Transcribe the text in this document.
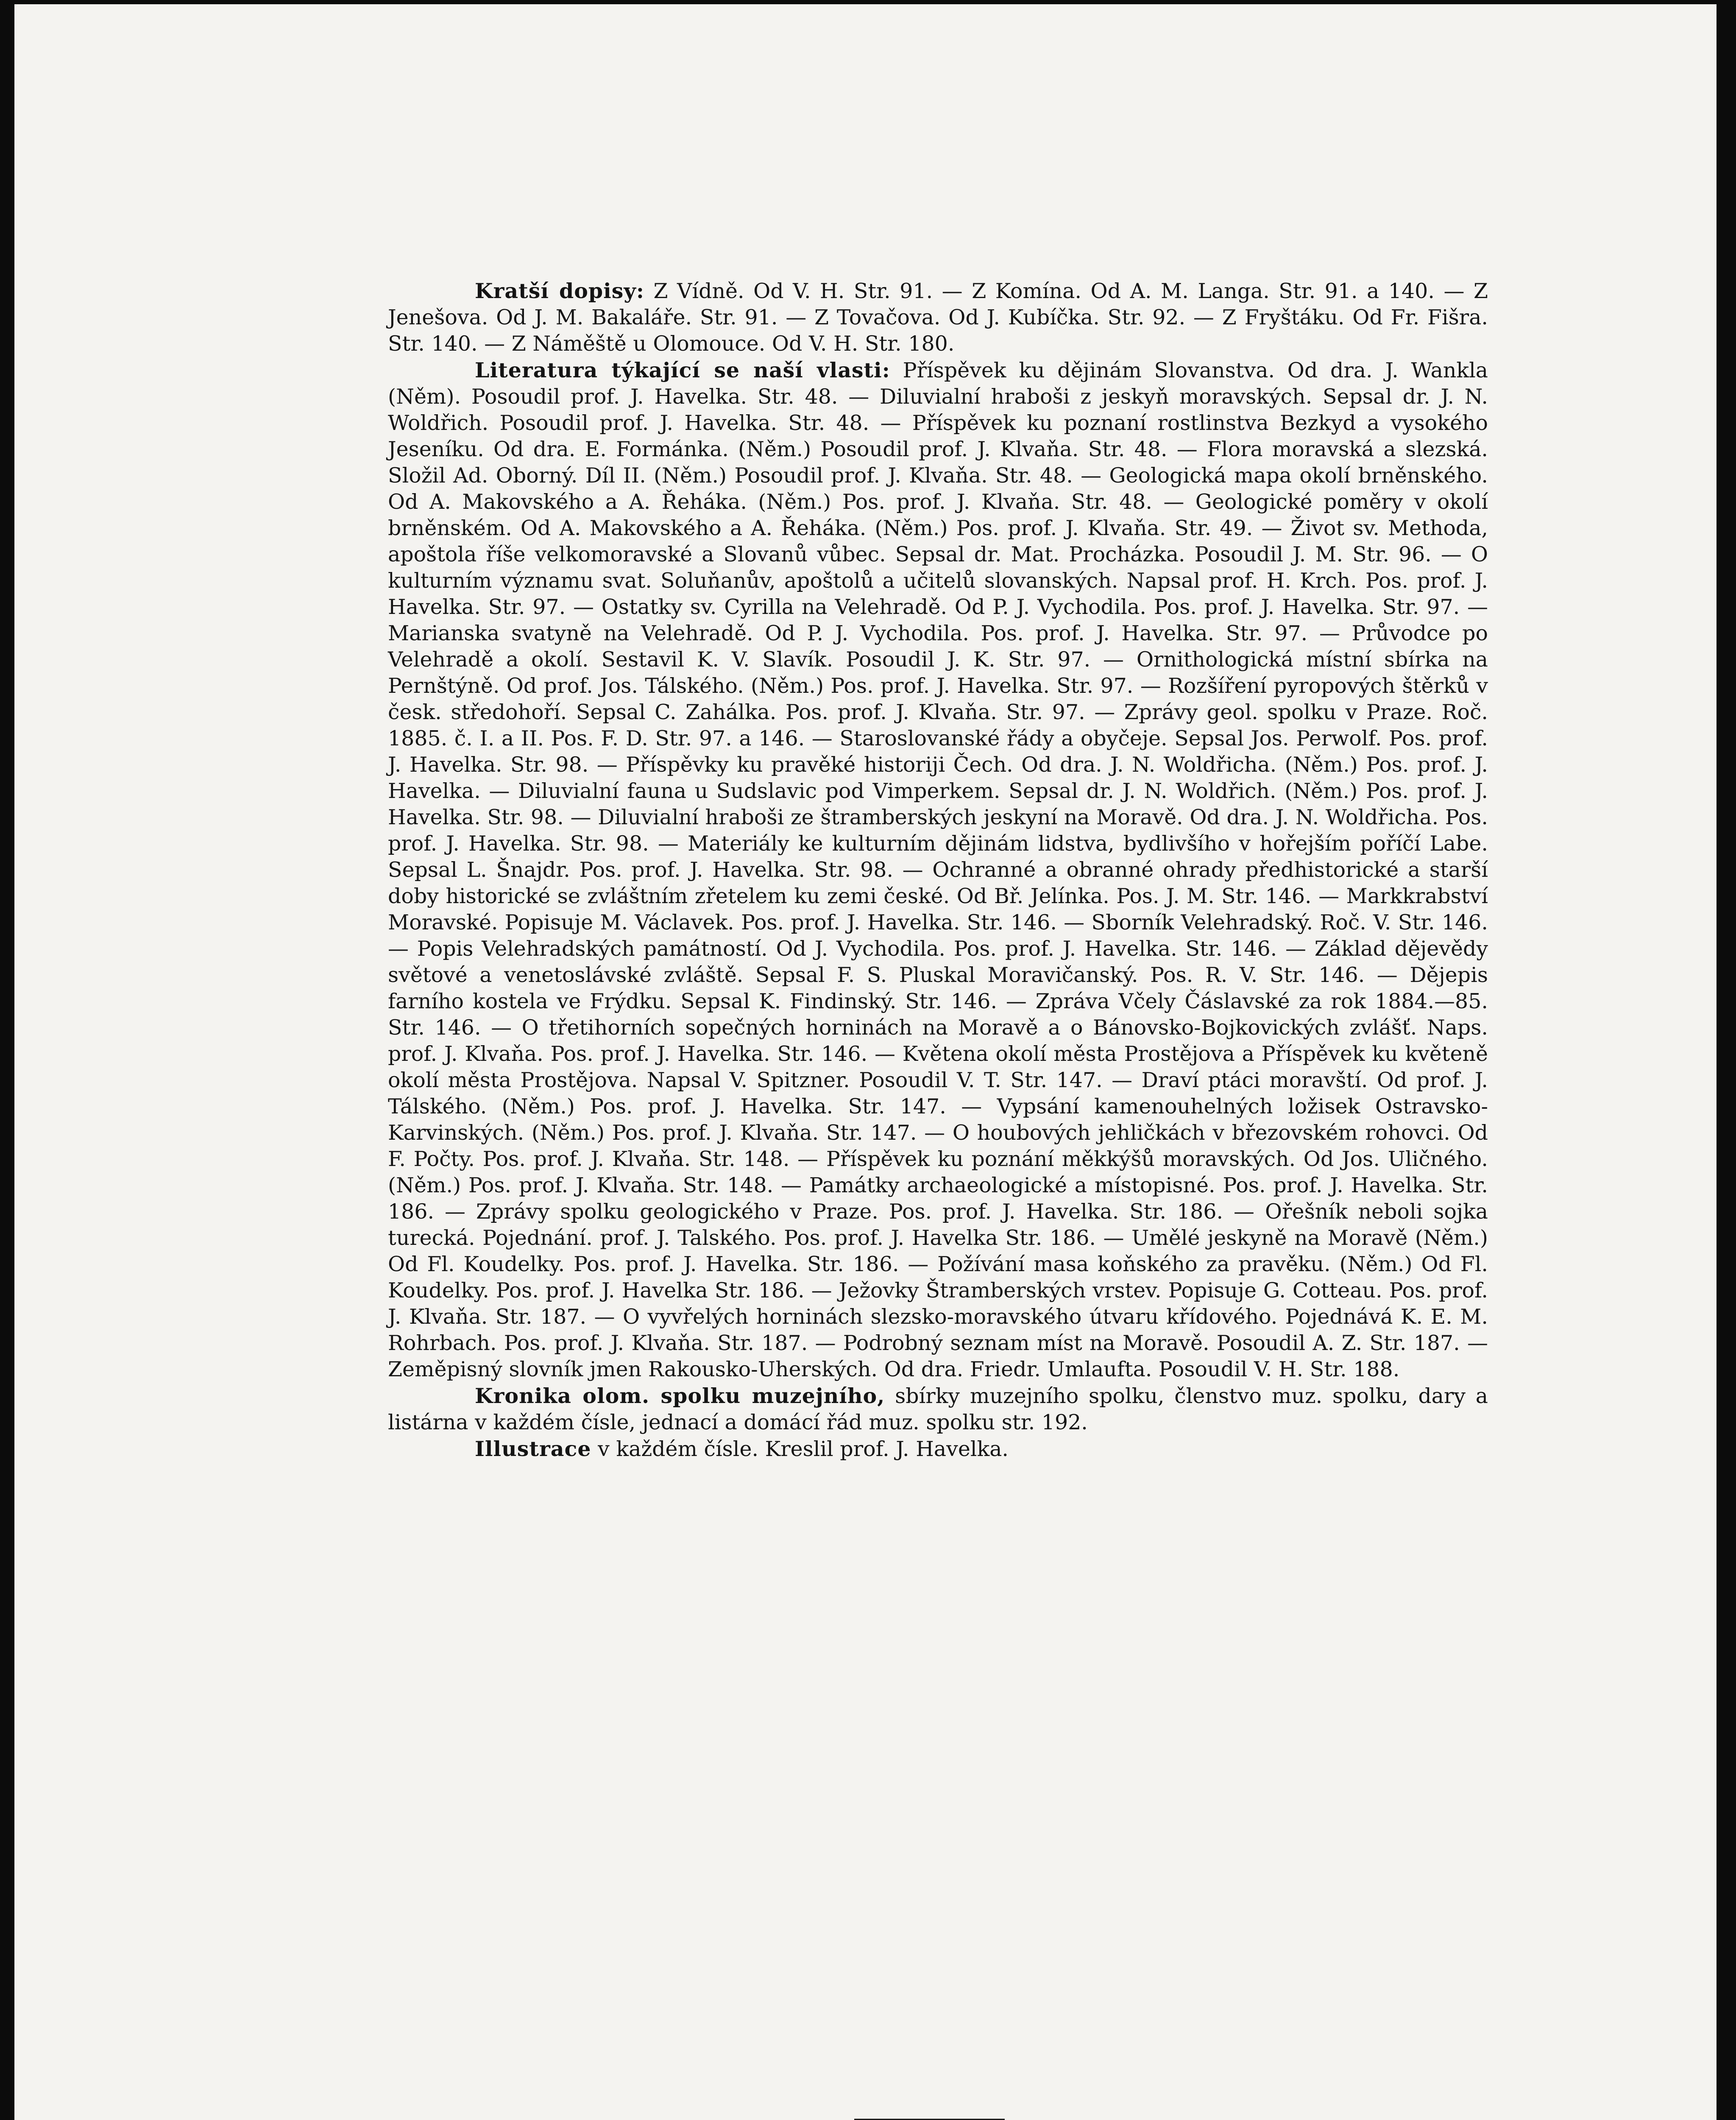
Kratší dopisy: Z Vídně. Od V. H. Str. 91. — Z Komína. Od A. M. Langa. Str. 91. a 140. — Z Jenešova. Od J. M. Bakaláře. Str. 91. — Z Tovačova. Od J. Kubíčka. Str. 92. — Z Fryštáku. Od Fr. Fišra. Str. 140. — Z Náměště u Olomouce. Od V. H. Str. 180.

Literatura týkající se naší vlasti: Příspěvek ku dějinám Slovanstva. Od dra. J. Wankla (Něm). Posoudil prof. J. Havelka. Str. 48. — Diluvialní hraboši z jeskyň moravských. Sepsal dr. J. N. Woldřich. Posoudil prof. J. Havelka. Str. 48. — Příspěvek ku poznaní rostlinstva Bezkyd a vysokého Jeseníku. Od dra. E. Formánka. (Něm.) Posoudil prof. J. Klvaňa. Str. 48. — Flora moravská a slezská. Složil Ad. Oborný. Díl II. (Něm.) Posoudil prof. J. Klvaňa. Str. 48. — Geologická mapa okolí brněnského. Od A. Makovského a A. Řeháka. (Něm.) Pos. prof. J. Klvaňa. Str. 48. — Geologické poměry v okolí brněnském. Od A. Makovského a A. Řeháka. (Něm.) Pos. prof. J. Klvaňa. Str. 49. — Život sv. Methoda, apoštola říše velkomoravské a Slovanů vůbec. Sepsal dr. Mat. Procházka. Posoudil J. M. Str. 96. — O kulturním významu svat. Soluňanův, apoštolů a učitelů slovanských. Napsal prof. H. Krch. Pos. prof. J. Havelka. Str. 97. — Ostatky sv. Cyrilla na Velehradě. Od P. J. Vychodila. Pos. prof. J. Havelka. Str. 97. — Marianska svatyně na Velehradě. Od P. J. Vychodila. Pos. prof. J. Havelka. Str. 97. — Průvodce po Velehradě a okolí. Sestavil K. V. Slavík. Posoudil J. K. Str. 97. — Ornithologická místní sbírka na Pernštýně. Od prof. Jos. Tálského. (Něm.) Pos. prof. J. Havelka. Str. 97. — Rozšíření pyropových štěrků v česk. středohoří. Sepsal C. Zahálka. Pos. prof. J. Klvaňa. Str. 97. — Zprávy geol. spolku v Praze. Roč. 1885. č. I. a II. Pos. F. D. Str. 97. a 146. — Staroslovanské řády a obyčeje. Sepsal Jos. Perwolf. Pos. prof. J. Havelka. Str. 98. — Příspěvky ku pravěké historiji Čech. Od dra. J. N. Woldřicha. (Něm.) Pos. prof. J. Havelka. — Diluvialní fauna u Sudslavic pod Vimperkem. Sepsal dr. J. N. Woldřich. (Něm.) Pos. prof. J. Havelka. Str. 98. — Diluvialní hraboši ze štramberských jeskyní na Moravě. Od dra. J. N. Woldřicha. Pos. prof. J. Havelka. Str. 98. — Materiály ke kulturním dějinám lidstva, bydlivšího v hořejším poříčí Labe. Sepsal L. Šnajdr. Pos. prof. J. Havelka. Str. 98. — Ochranné a obranné ohrady předhistorické a starší doby historické se zvláštním zřetelem ku zemi české. Od Bř. Jelínka. Pos. J. M. Str. 146. — Markkrabství Moravské. Popisuje M. Václavek. Pos. prof. J. Havelka. Str. 146. — Sborník Velehradský. Roč. V. Str. 146. — Popis Velehradských památností. Od J. Vychodila. Pos. prof. J. Havelka. Str. 146. — Základ dějevědy světové a venetoslávské zvláště. Sepsal F. S. Pluskal Moravičanský. Pos. R. V. Str. 146. — Dějepis farního kostela ve Frýdku. Sepsal K. Findinský. Str. 146. — Zpráva Včely Čáslavské za rok 1884.—85. Str. 146. — O třetihorních sopečných horninách na Moravě a o Bánovsko-Bojkovických zvlášť. Naps. prof. J. Klvaňa. Pos. prof. J. Havelka. Str. 146. — Květena okolí města Prostějova a Příspěvek ku květeně okolí města Prostějova. Napsal V. Spitzner. Posoudil V. T. Str. 147. — Draví ptáci moravští. Od prof. J. Tálského. (Něm.) Pos. prof. J. Havelka. Str. 147. — Vypsání kamenouhelných ložisek Ostravsko-Karvinských. (Něm.) Pos. prof. J. Klvaňa. Str. 147. — O houbových jehličkách v březovském rohovci. Od F. Počty. Pos. prof. J. Klvaňa. Str. 148. — Příspěvek ku poznání měkkýšů moravských. Od Jos. Uličného. (Něm.) Pos. prof. J. Klvaňa. Str. 148. — Památky archaeologické a místopisné. Pos. prof. J. Havelka. Str. 186. — Zprávy spolku geologického v Praze. Pos. prof. J. Havelka. Str. 186. — Ořešník neboli sojka turecká. Pojednání. prof. J. Talského. Pos. prof. J. Havelka Str. 186. — Umělé jeskyně na Moravě (Něm.) Od Fl. Koudelky. Pos. prof. J. Havelka. Str. 186. — Požívání masa koňského za pravěku. (Něm.) Od Fl. Koudelky. Pos. prof. J. Havelka Str. 186. — Ježovky Štramberských vrstev. Popisuje G. Cotteau. Pos. prof. J. Klvaňa. Str. 187. — O vyvřelých horninách slezsko-moravského útvaru křídového. Pojednává K. E. M. Rohrbach. Pos. prof. J. Klvaňa. Str. 187. — Podrobný seznam míst na Moravě. Posoudil A. Z. Str. 187. — Zeměpisný slovník jmen Rakousko-Uherských. Od dra. Friedr. Umlaufta. Posoudil V. H. Str. 188.

Kronika olom. spolku muzejního, sbírky muzejního spolku, členstvo muz. spolku, dary a listárna v každém čísle, jednací a domácí řád muz. spolku str. 192.

Illustrace v každém čísle. Kreslil prof. J. Havelka.
